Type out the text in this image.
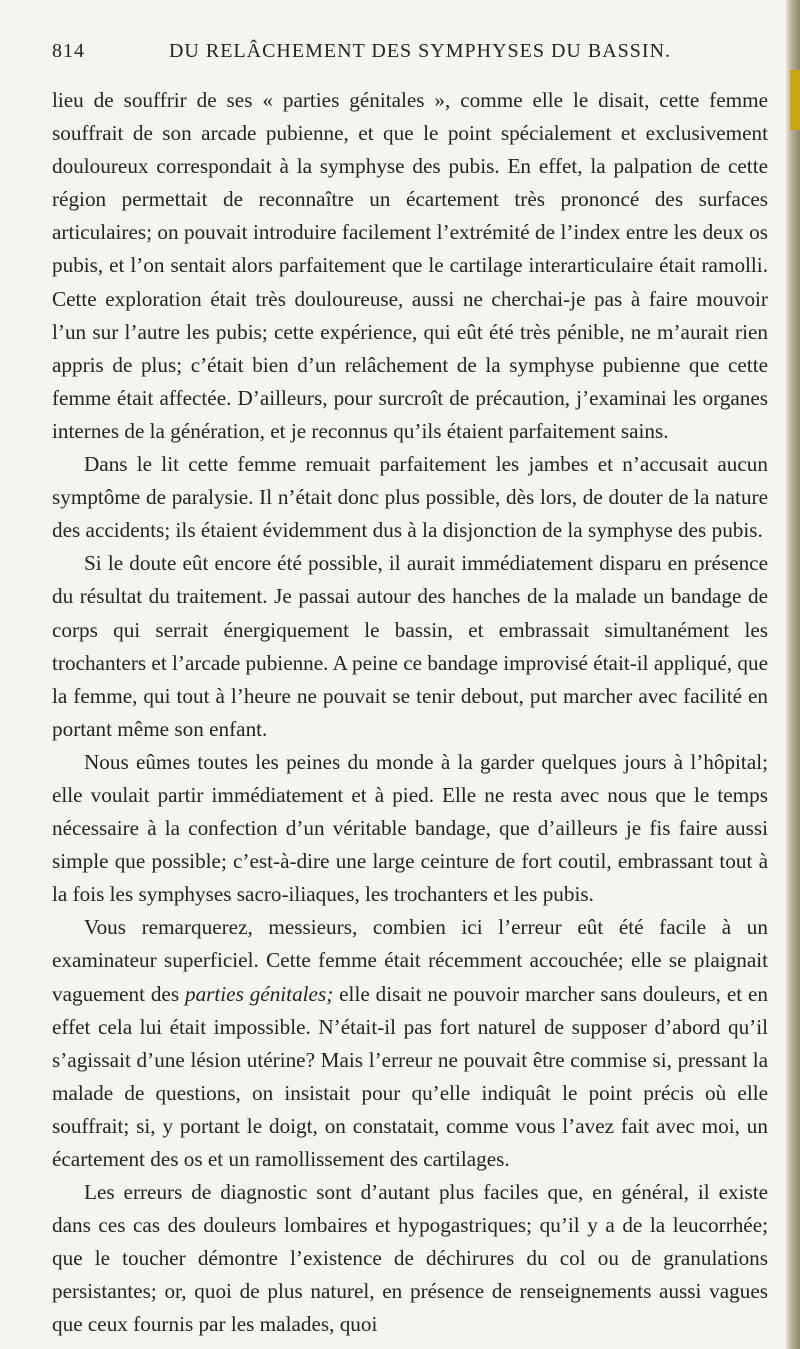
814	DU RELÂCHEMENT DES SYMPHYSES DU BASSIN.

lieu de souffrir de ses « parties génitales », comme elle le disait, cette femme souffrait de son arcade pubienne, et que le point spécialement et exclusivement douloureux correspondait à la symphyse des pubis. En effet, la palpation de cette région permettait de reconnaître un écartement très prononcé des surfaces articulaires; on pouvait introduire facilement l’extrémité de l’index entre les deux os pubis, et l’on sentait alors parfaitement que le cartilage interarticulaire était ramolli. Cette exploration était très douloureuse, aussi ne cherchai-je pas à faire mouvoir l’un sur l’autre les pubis; cette expérience, qui eût été très pénible, ne m’aurait rien appris de plus; c’était bien d’un relâchement de la symphyse pubienne que cette femme était affectée. D’ailleurs, pour surcroît de précaution, j’examinai les organes internes de la génération, et je reconnus qu’ils étaient parfaitement sains.

Dans le lit cette femme remuait parfaitement les jambes et n’accusait aucun symptôme de paralysie. Il n’était donc plus possible, dès lors, de douter de la nature des accidents; ils étaient évidemment dus à la disjonction de la symphyse des pubis.

Si le doute eût encore été possible, il aurait immédiatement disparu en présence du résultat du traitement. Je passai autour des hanches de la malade un bandage de corps qui serrait énergiquement le bassin, et embrassait simultanément les trochanters et l’arcade pubienne. A peine ce bandage improvisé était-il appliqué, que la femme, qui tout à l’heure ne pouvait se tenir debout, put marcher avec facilité en portant même son enfant.

Nous eûmes toutes les peines du monde à la garder quelques jours à l’hôpital; elle voulait partir immédiatement et à pied. Elle ne resta avec nous que le temps nécessaire à la confection d’un véritable bandage, que d’ailleurs je fis faire aussi simple que possible; c’est-à-dire une large ceinture de fort coutil, embrassant tout à la fois les symphyses sacro-iliaques, les trochanters et les pubis.

Vous remarquerez, messieurs, combien ici l’erreur eût été facile à un examinateur superficiel. Cette femme était récemment accouchée; elle se plaignait vaguement des parties génitales; elle disait ne pouvoir marcher sans douleurs, et en effet cela lui était impossible. N’était-il pas fort naturel de supposer d’abord qu’il s’agissait d’une lésion utérine? Mais l’erreur ne pouvait être commise si, pressant la malade de questions, on insistait pour qu’elle indiquât le point précis où elle souffrait; si, y portant le doigt, on constatait, comme vous l’avez fait avec moi, un écartement des os et un ramollissement des cartilages.

Les erreurs de diagnostic sont d’autant plus faciles que, en général, il existe dans ces cas des douleurs lombaires et hypogastriques; qu’il y a de la leucorrhée; que le toucher démontre l’existence de déchirures du col ou de granulations persistantes; or, quoi de plus naturel, en présence de renseignements aussi vagues que ceux fournis par les malades, quoi
